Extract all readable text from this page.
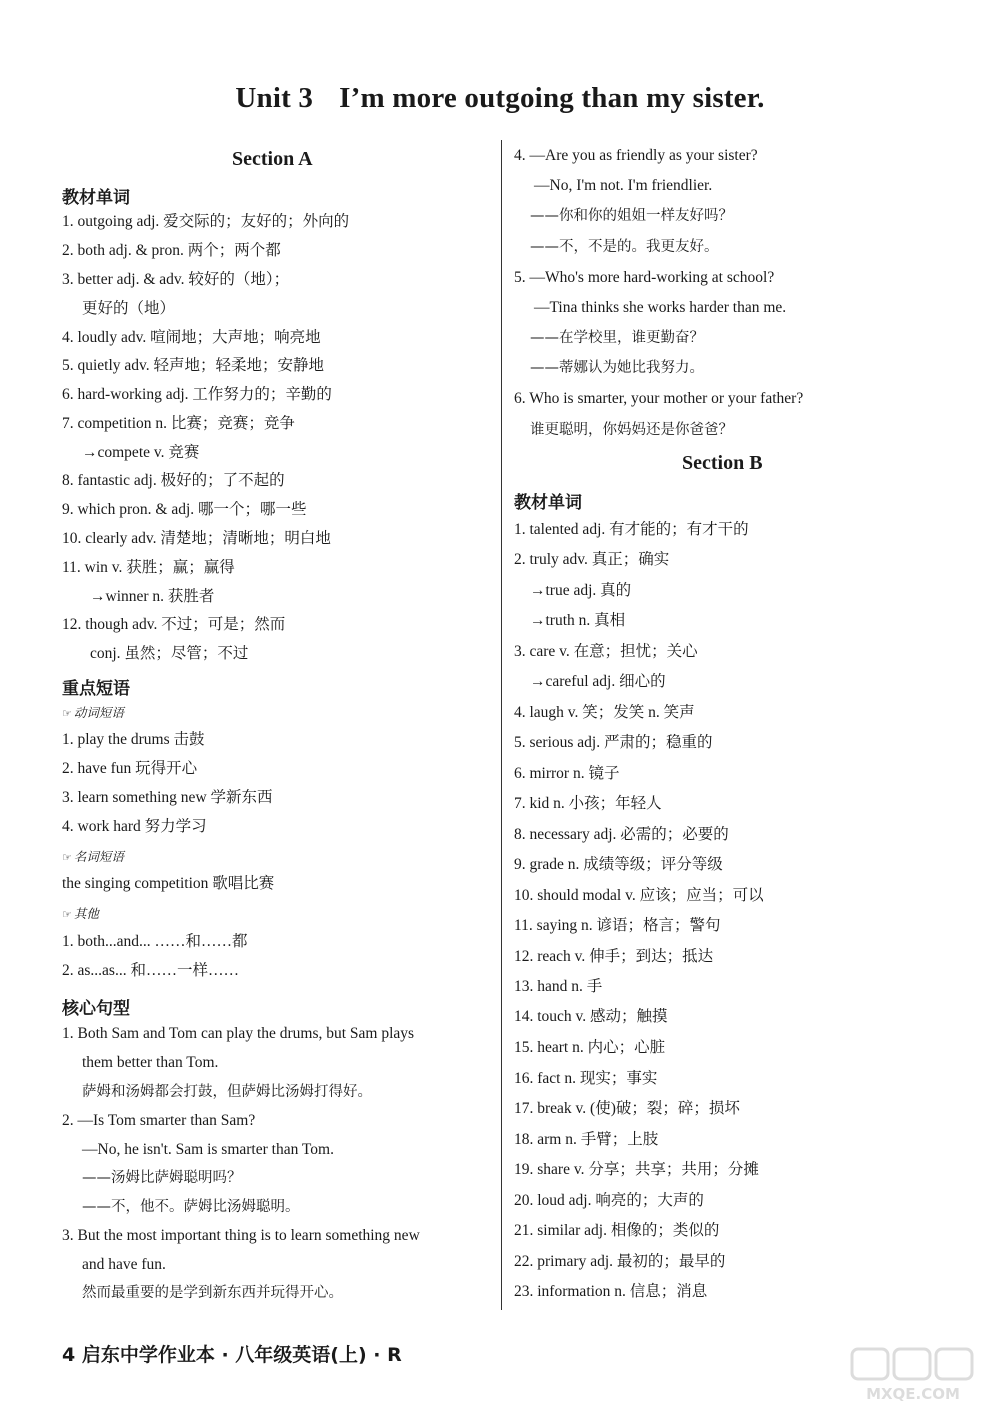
Unit 3 I’m more outgoing than my sister.
Section A
教材单词
1. outgoing adj. 爱交际的；友好的；外向的
2. both adj. & pron. 两个；两个都
3. better adj. & adv. 较好的（地）；
更好的（地）
4. loudly adv. 喧闹地；大声地；响亮地
5. quietly adv. 轻声地；轻柔地；安静地
6. hard-working adj. 工作努力的；辛勤的
7. competition n. 比赛；竞赛；竞争
→compete v. 竞赛
8. fantastic adj. 极好的；了不起的
9. which pron. & adj. 哪一个；哪一些
10. clearly adv. 清楚地；清晰地；明白地
11. win v. 获胜；赢；赢得
→winner n. 获胜者
12. though adv. 不过；可是；然而
conj. 虽然；尽管；不过
重点短语
☞ 动词短语
1. play the drums 击鼓
2. have fun 玩得开心
3. learn something new 学新东西
4. work hard 努力学习
☞ 名词短语
the singing competition 歌唱比赛
☞ 其他
1. both...and... ……和……都
2. as...as... 和……一样……
核心句型
1. Both Sam and Tom can play the drums, but Sam plays
them better than Tom.
萨姆和汤姆都会打鼓，但萨姆比汤姆打得好。
2. —Is Tom smarter than Sam?
—No, he isn't. Sam is smarter than Tom.
——汤姆比萨姆聪明吗？
——不，他不。萨姆比汤姆聪明。
3. But the most important thing is to learn something new
and have fun.
然而最重要的是学到新东西并玩得开心。
4. —Are you as friendly as your sister?
—No, I'm not. I'm friendlier.
——你和你的姐姐一样友好吗？
——不，不是的。我更友好。
5. —Who's more hard-working at school?
—Tina thinks she works harder than me.
——在学校里，谁更勤奋？
——蒂娜认为她比我努力。
6. Who is smarter, your mother or your father?
谁更聪明，你妈妈还是你爸爸？
Section B
教材单词
1. talented adj. 有才能的；有才干的
2. truly adv. 真正；确实
→true adj. 真的
→truth n. 真相
3. care v. 在意；担忧；关心
→careful adj. 细心的
4. laugh v. 笑；发笑 n. 笑声
5. serious adj. 严肃的；稳重的
6. mirror n. 镜子
7. kid n. 小孩；年轻人
8. necessary adj. 必需的；必要的
9. grade n. 成绩等级；评分等级
10. should modal v. 应该；应当；可以
11. saying n. 谚语；格言；警句
12. reach v. 伸手；到达；抵达
13. hand n. 手
14. touch v. 感动；触摸
15. heart n. 内心；心脏
16. fact n. 现实；事实
17. break v. (使)破；裂；碎；损坏
18. arm n. 手臂；上肢
19. share v. 分享；共享；共用；分摊
20. loud adj. 响亮的；大声的
21. similar adj. 相像的；类似的
22. primary adj. 最初的；最早的
23. information n. 信息；消息
4 启东中学作业本 · 八年级英语(上) · R
MXQE.COM
